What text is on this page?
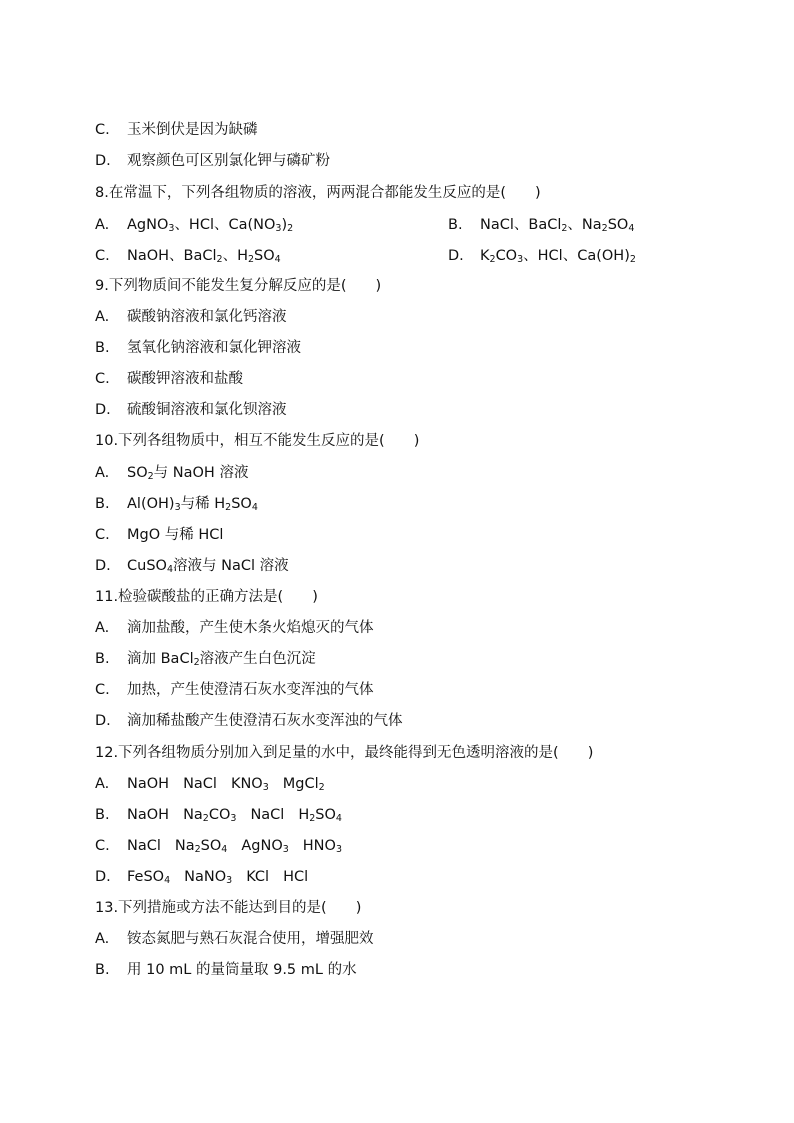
C. 玉米倒伏是因为缺磷
D. 观察颜色可区别氯化钾与磷矿粉
8.在常温下，下列各组物质的溶液，两两混合都能发生反应的是(　　)
A. AgNO$_3$、HCl、$Ca(NO_3)_2$	B. NaCl、BaCl$_2$、$Na_2SO_4$
C. NaOH、BaCl$_2$、$H_2SO_4$	D. $K_2CO_3$、HCl、$Ca(OH)_2$
9.下列物质间不能发生复分解反应的是(　　)
A. 碳酸钠溶液和氯化钙溶液
B. 氢氧化钠溶液和氯化钾溶液
C. 碳酸钾溶液和盐酸
D. 硫酸铜溶液和氯化钡溶液
10.下列各组物质中，相互不能发生反应的是(　　)
A. $SO_2$与 NaOH 溶液
B. $Al(OH)_3$与稀 $H_2SO_4$
C. MgO 与稀 HCl
D. CuSO$_4$溶液与 NaCl 溶液
11.检验碳酸盐的正确方法是(　　)
A. 滴加盐酸，产生使木条火焰熄灭的气体
B. 滴加 BaCl$_2$溶液产生白色沉淀
C. 加热，产生使澄清石灰水变浑浊的气体
D. 滴加稀盐酸产生使澄清石灰水变浑浊的气体
12.下列各组物质分别加入到足量的水中，最终能得到无色透明溶液的是(　　)
A. NaOH NaCl $KNO_3$ MgCl$_2$
B. NaOH $Na_2CO_3$ NaCl $H_2SO_4$
C. NaCl $Na_2SO_4$ AgNO$_3$ $HNO_3$
D. FeSO$_4$ NaNO$_3$ KCl HCl
13.下列措施或方法不能达到目的是(　　)
A. 铵态氮肥与熟石灰混合使用，增强肥效
B. 用 10 mL 的量筒量取 9.5 mL 的水
